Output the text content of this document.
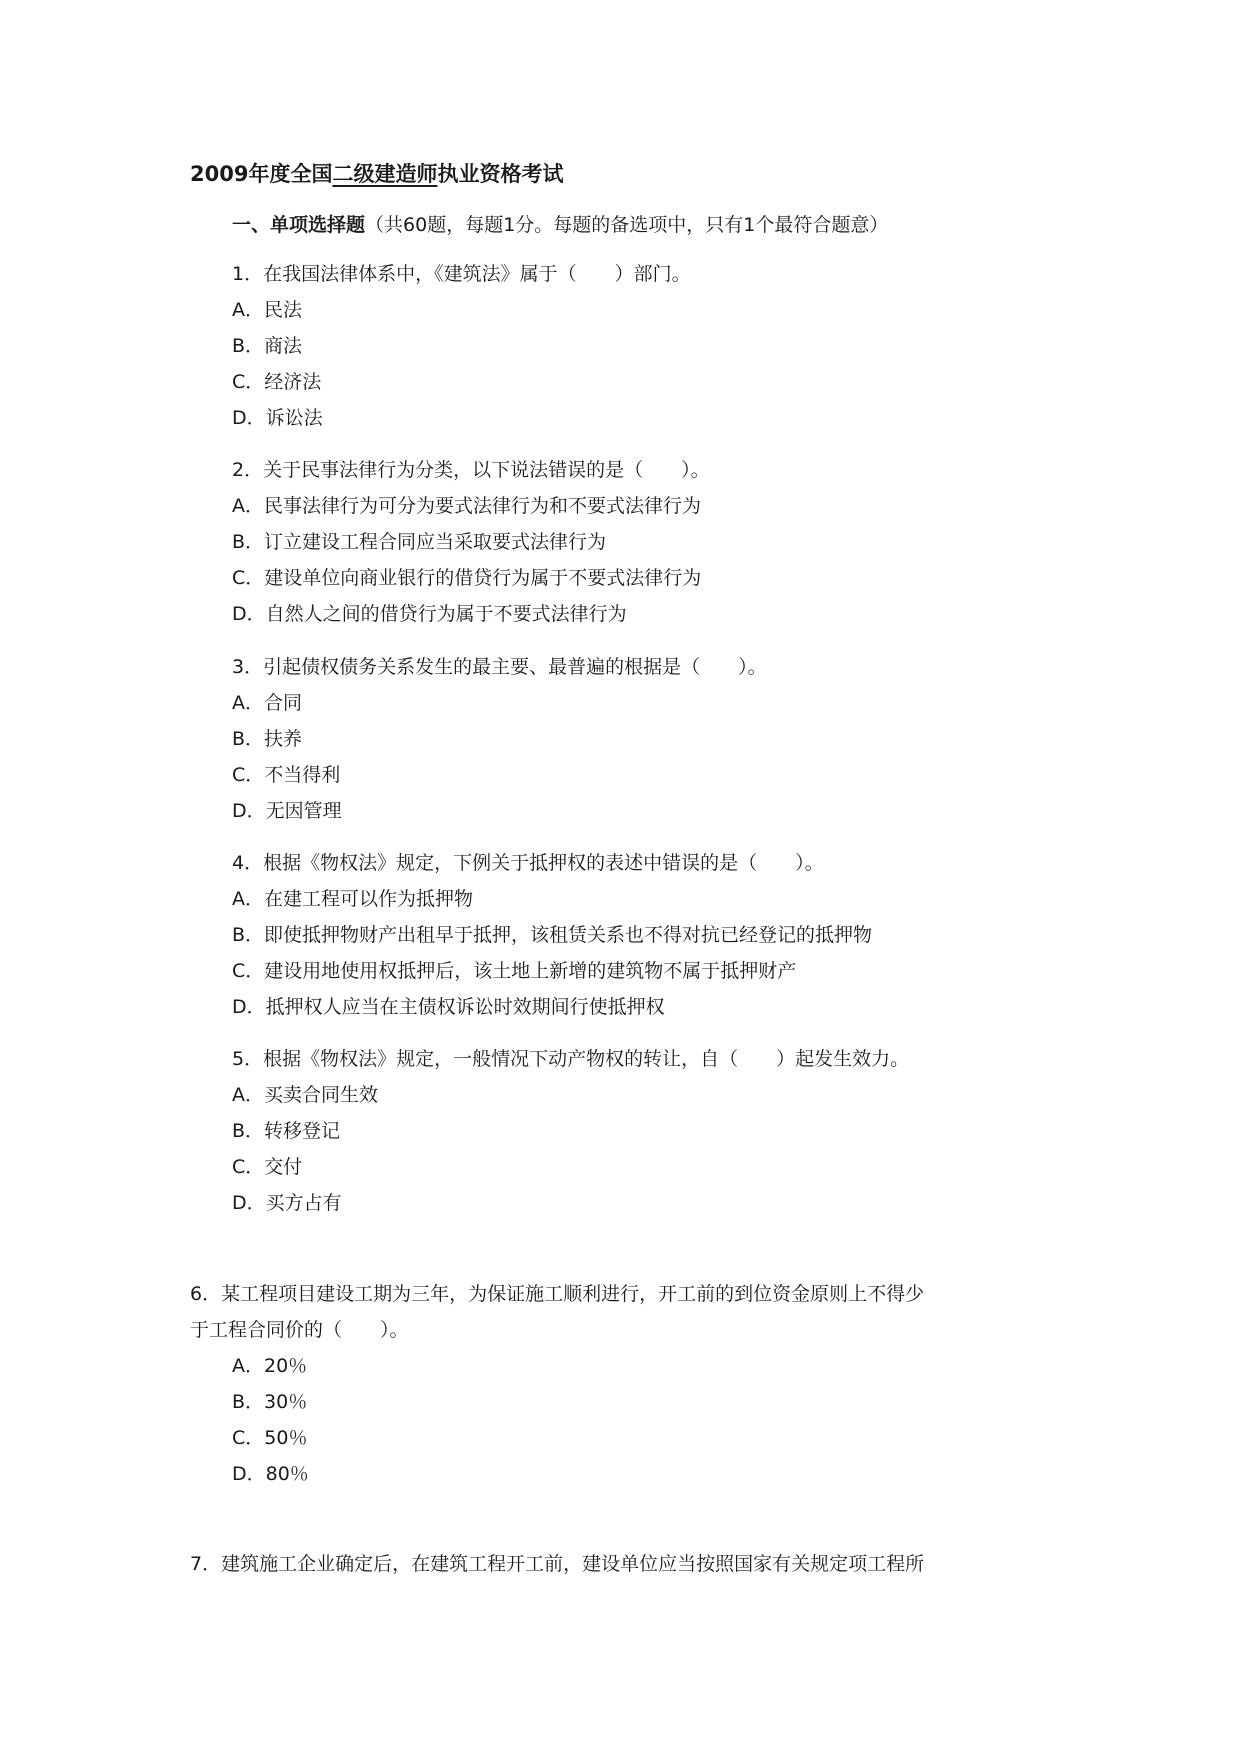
2009年度全国二级建造师执业资格考试
一、单项选择题（共60题，每题1分。每题的备选项中，只有1个最符合题意）
1．在我国法律体系中，《建筑法》属于（　　）部门。
A．民法
B．商法
C．经济法
D．诉讼法
2．关于民事法律行为分类，以下说法错误的是（　　）。
A．民事法律行为可分为要式法律行为和不要式法律行为
B．订立建设工程合同应当采取要式法律行为
C．建设单位向商业银行的借贷行为属于不要式法律行为
D．自然人之间的借贷行为属于不要式法律行为
3．引起债权债务关系发生的最主要、最普遍的根据是（　　）。
A．合同
B．扶养
C．不当得利
D．无因管理
4．根据《物权法》规定，下例关于抵押权的表述中错误的是（　　）。
A．在建工程可以作为抵押物
B．即使抵押物财产出租早于抵押，该租赁关系也不得对抗已经登记的抵押物
C．建设用地使用权抵押后，该土地上新增的建筑物不属于抵押财产
D．抵押权人应当在主债权诉讼时效期间行使抵押权
5．根据《物权法》规定，一般情况下动产物权的转让，自（　　）起发生效力。
A．买卖合同生效
B．转移登记
C．交付
D．买方占有
6．某工程项目建设工期为三年，为保证施工顺利进行，开工前的到位资金原则上不得少
于工程合同价的（　　）。
A．20％
B．30％
C．50％
D．80％
7．建筑施工企业确定后，在建筑工程开工前，建设单位应当按照国家有关规定项工程所
